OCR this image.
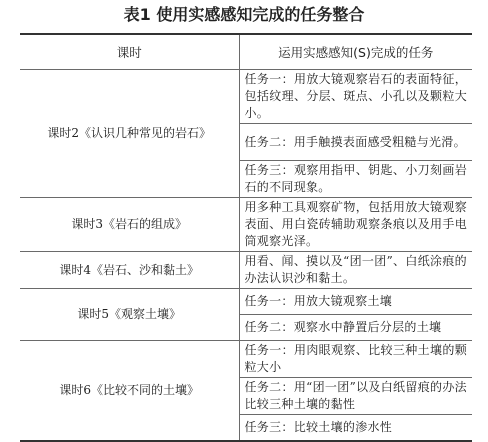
表1 使用实感感知完成的任务整合
课时	运用实感感知(S)完成的任务
课时2《认识几种常见的岩石》	任务一：用放大镜观察岩石的表面特征，包括纹理、分层、斑点、小孔以及颗粒大小。
	任务二：用手触摸表面感受粗糙与光滑。
	任务三：观察用指甲、钥匙、小刀刻画岩石的不同现象。
课时3《岩石的组成》	用多种工具观察矿物，包括用放大镜观察表面、用白瓷砖辅助观察条痕以及用手电筒观察光泽。
课时4《岩石、沙和黏土》	用看、闻、摸以及“团一团”、白纸涂痕的办法认识沙和黏土。
课时5《观察土壤》	任务一：用放大镜观察土壤
	任务二：观察水中静置后分层的土壤
课时6《比较不同的土壤》	任务一：用肉眼观察、比较三种土壤的颗粒大小
	任务二：用“团一团”以及白纸留痕的办法比较三种土壤的黏性
	任务三：比较土壤的渗水性
